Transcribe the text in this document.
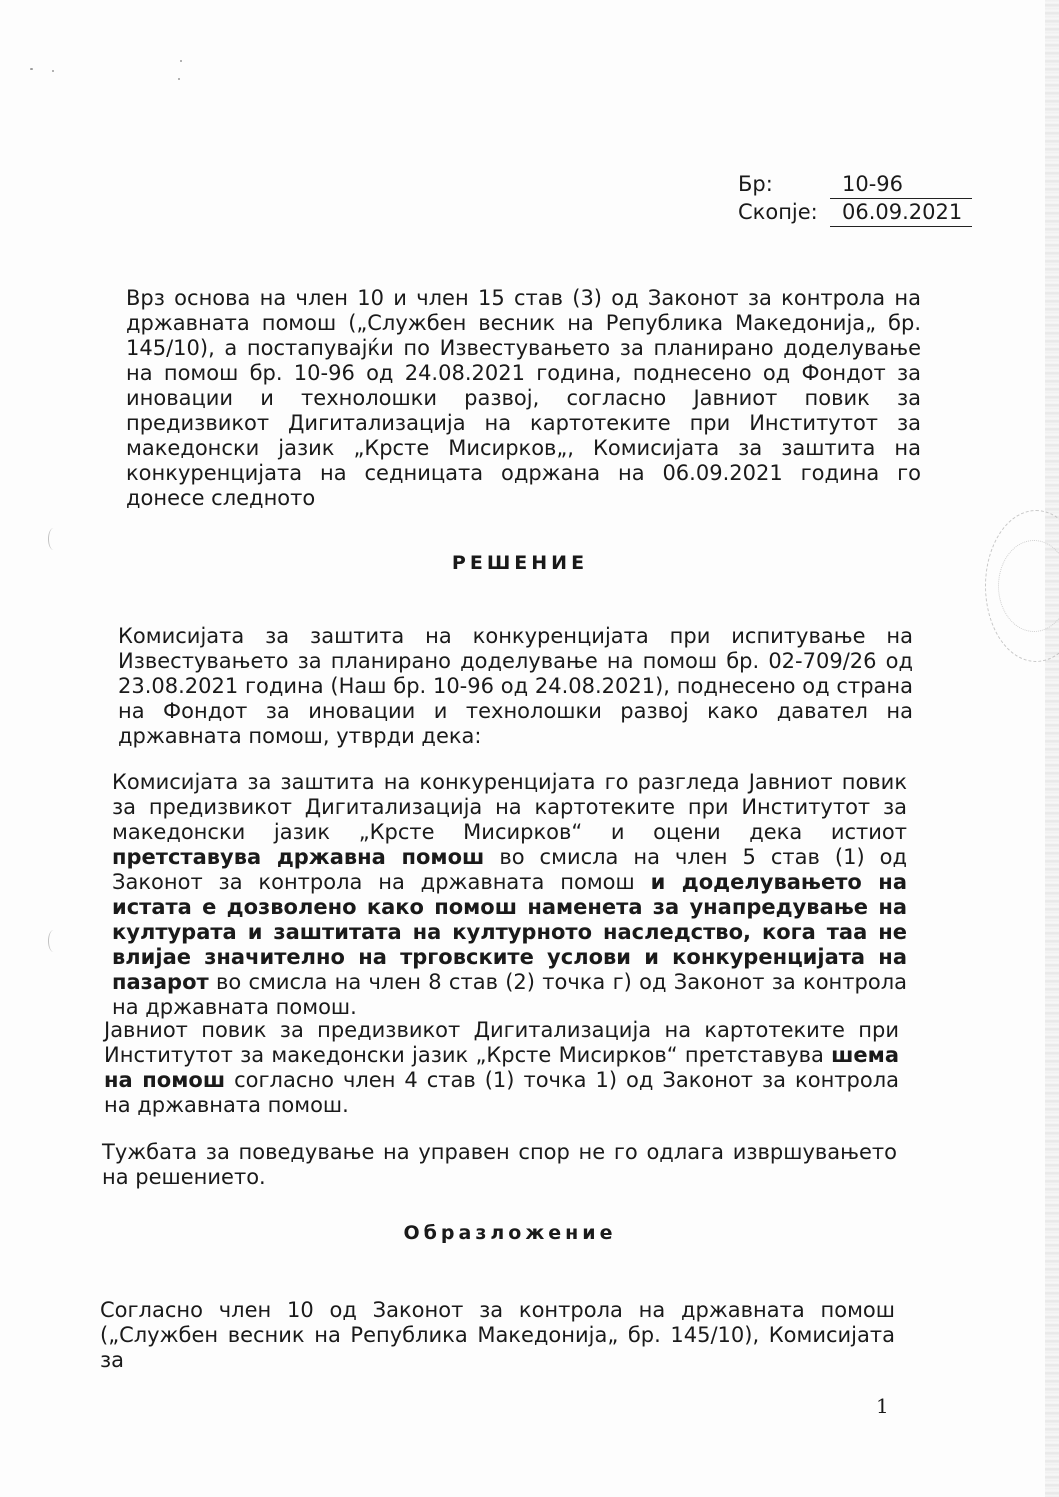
Бр:	10-96
Скопје:	06.09.2021

Врз основа на член 10 и член 15 став (3) од Законот за контрола на државната помош („Службен весник на Република Македонија„ бр. 145/10), а постапувајќи по Известувањето за планирано доделување на помош бр. 10-96 од 24.08.2021 година, поднесено од Фондот за иновации и технолошки развој, согласно Јавниот повик за предизвикот Дигитализација на картотеките при Институтот за македонски јазик „Крсте Мисирков„, Комисијата за заштита на конкуренцијата на седницата одржана на 06.09.2021 година го донесе следното

РЕШЕНИЕ

Комисијата за заштита на конкуренцијата при испитување на Известувањето за планирано доделување на помош бр. 02-709/26 од 23.08.2021 година (Наш бр. 10-96 од 24.08.2021), поднесено од страна на Фондот за иновации и технолошки развој како давател на државната помош, утврди дека:

Комисијата за заштита на конкуренцијата го разгледа Јавниот повик за предизвикот Дигитализација на картотеките при Институтот за македонски јазик „Крсте Мисирков“ и оцени дека истиот претставува државна помош во смисла на член 5 став (1) од Законот за контрола на државната помош и доделувањето на истата е дозволено како помош наменета за унапредување на културата и заштитата на културното наследство, кога таа не влијае значително на трговските услови и конкуренцијата на пазарот во смисла на член 8 став (2) точка г) од Законот за контрола на државната помош.

Јавниот повик за предизвикот Дигитализација на картотеките при Институтот за македонски јазик „Крсте Мисирков“ претставува шема на помош согласно член 4 став (1) точка 1) од Законот за контрола на државната помош.

Тужбата за поведување на управен спор не го одлага извршувањето на решението.

Образложение

Согласно член 10 од Законот за контрола на државната помош („Службен весник на Република Македонија„ бр. 145/10), Комисијата за

1
